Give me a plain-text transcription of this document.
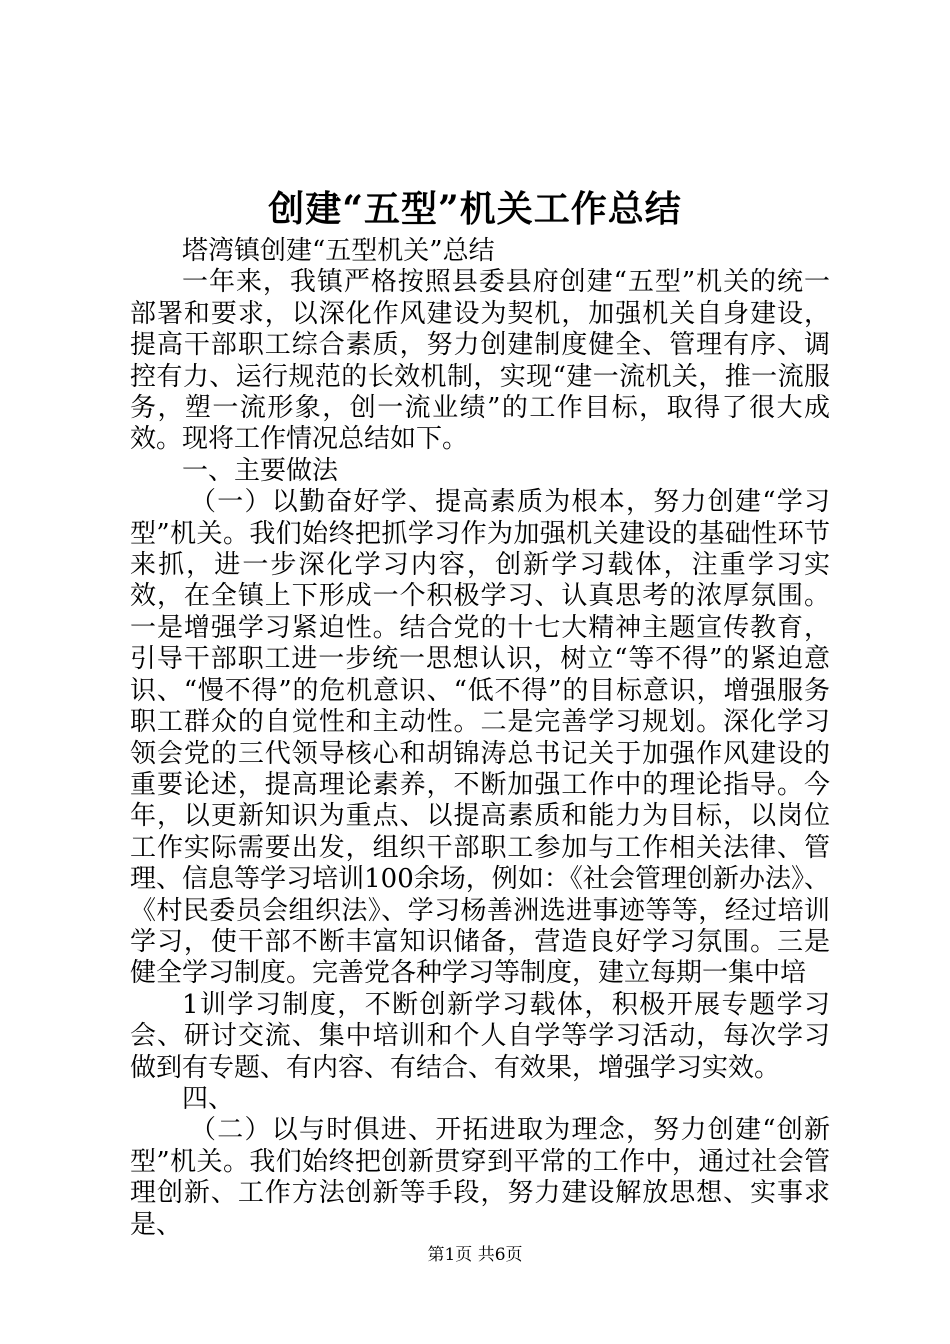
创建“五型”机关工作总结

塔湾镇创建“五型机关”总结

一年来，我镇严格按照县委县府创建“五型”机关的统一部署和要求，以深化作风建设为契机，加强机关自身建设，提高干部职工综合素质，努力创建制度健全、管理有序、调控有力、运行规范的长效机制，实现“建一流机关，推一流服务，塑一流形象，创一流业绩”的工作目标，取得了很大成效。现将工作情况总结如下。

一、主要做法

（一）以勤奋好学、提高素质为根本，努力创建“学习型”机关。我们始终把抓学习作为加强机关建设的基础性环节来抓，进一步深化学习内容，创新学习载体，注重学习实效，在全镇上下形成一个积极学习、认真思考的浓厚氛围。一是增强学习紧迫性。结合党的十七大精神主题宣传教育，引导干部职工进一步统一思想认识，树立“等不得”的紧迫意识、“慢不得”的危机意识、“低不得”的目标意识，增强服务职工群众的自觉性和主动性。二是完善学习规划。深化学习领会党的三代领导核心和胡锦涛总书记关于加强作风建设的重要论述，提高理论素养，不断加强工作中的理论指导。今年，以更新知识为重点、以提高素质和能力为目标，以岗位工作实际需要出发，组织干部职工参加与工作相关法律、管理、信息等学习培训100余场，例如：《社会管理创新办法》、《村民委员会组织法》、学习杨善洲选进事迹等等，经过培训学习，使干部不断丰富知识储备，营造良好学习氛围。三是健全学习制度。完善党各种学习等制度，建立每期一集中培

1训学习制度，不断创新学习载体，积极开展专题学习会、研讨交流、集中培训和个人自学等学习活动，每次学习做到有专题、有内容、有结合、有效果，增强学习实效。

四、

（二）以与时俱进、开拓进取为理念，努力创建“创新型”机关。我们始终把创新贯穿到平常的工作中，通过社会管理创新、工作方法创新等手段，努力建设解放思想、实事求是、

第1页 共6页
